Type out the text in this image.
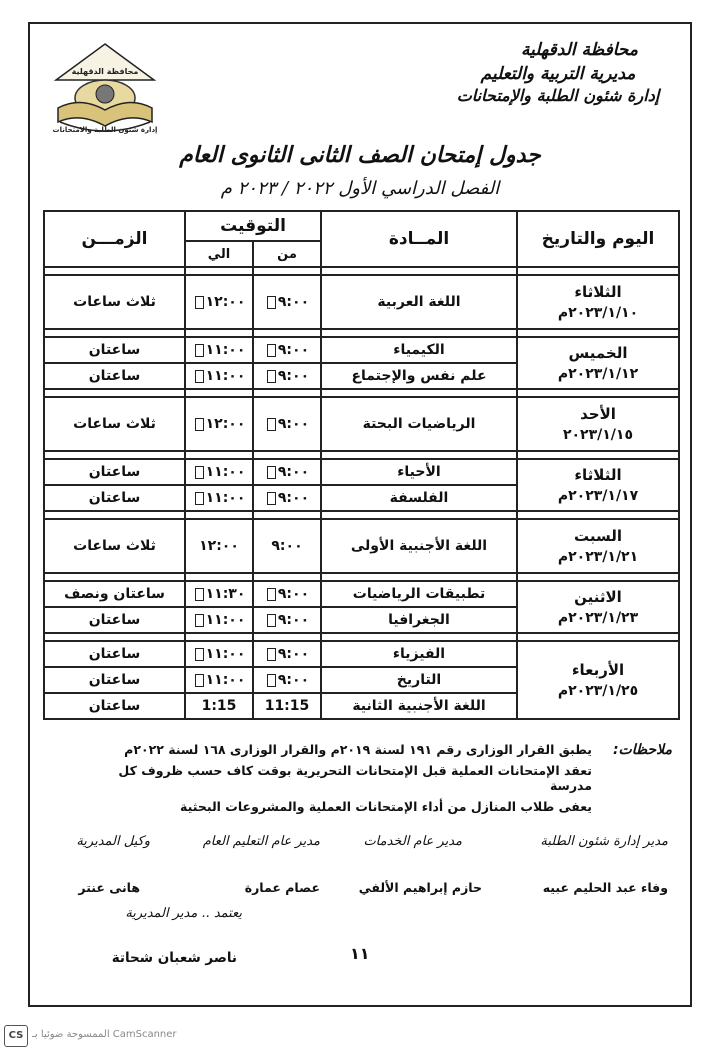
محافظة الدقهلية
إدارة شئون الطلبة والامتحانات
محافظة الدقهلية
مديرية التربية والتعليم
إدارة شئون الطلبة والإمتحانات
جدول إمتحان الصف الثانى الثانوى العام
الفصل الدراسي الأول ٢٠٢٢ / ٢٠٢٣ م
اليوم والتاريخ	المــادة	التوقيت		الزمـــن
		من	الي	

الثلاثاء
٢٠٢٣/١/١٠م	اللغة العربية	٩:٠٠	١٢:٠٠	ثلاث ساعات

الخميس
٢٠٢٣/١/١٢م	الكيمياء	٩:٠٠	١١:٠٠	ساعتان
	علم نفس والإجتماع	٩:٠٠	١١:٠٠	ساعتان

الأحد
٢٠٢٣/١/١٥	الرياضيات البحتة	٩:٠٠	١٢:٠٠	ثلاث ساعات

الثلاثاء
٢٠٢٣/١/١٧م	الأحياء	٩:٠٠	١١:٠٠	ساعتان
	الفلسفة	٩:٠٠	١١:٠٠	ساعتان

السبت
٢٠٢٣/١/٢١م	اللغة الأجنبية الأولى	٩:٠٠	١٢:٠٠	ثلاث ساعات

الاثنين
٢٠٢٣/١/٢٣م	تطبيقات الرياضيات	٩:٠٠	١١:٣٠	ساعتان ونصف
	الجغرافيا	٩:٠٠	١١:٠٠	ساعتان

الأربعاء
٢٠٢٣/١/٢٥م	الفيزياء	٩:٠٠	١١:٠٠	ساعتان
	التاريخ	٩:٠٠	١١:٠٠	ساعتان
	اللغة الأجنبية الثانية	11:15	1:15	ساعتان
ملاحظات:
يطبق القرار الوزارى رقم ١٩١ لسنة ٢٠١٩م والقرار الوزارى ١٦٨ لسنة ٢٠٢٢م
تعقد الإمتحانات العملية قبل الإمتحانات التحريرية بوقت كاف حسب ظروف كل مدرسة
يعفى طلاب المنازل من أداء الإمتحانات العملية والمشروعات البحثية
مدير إدارة شئون الطلبة
مدير عام الخدمات
مدير عام التعليم العام
وكيل المديرية
وفاء عبد الحليم عبيه
حازم إبراهيم الألفي
عصام عمارة
هانى عنتر
يعتمد .. مدير المديرية
ناصر شعبان شحاتة	١١
CS الممسوحة ضوئيا بـ CamScanner
